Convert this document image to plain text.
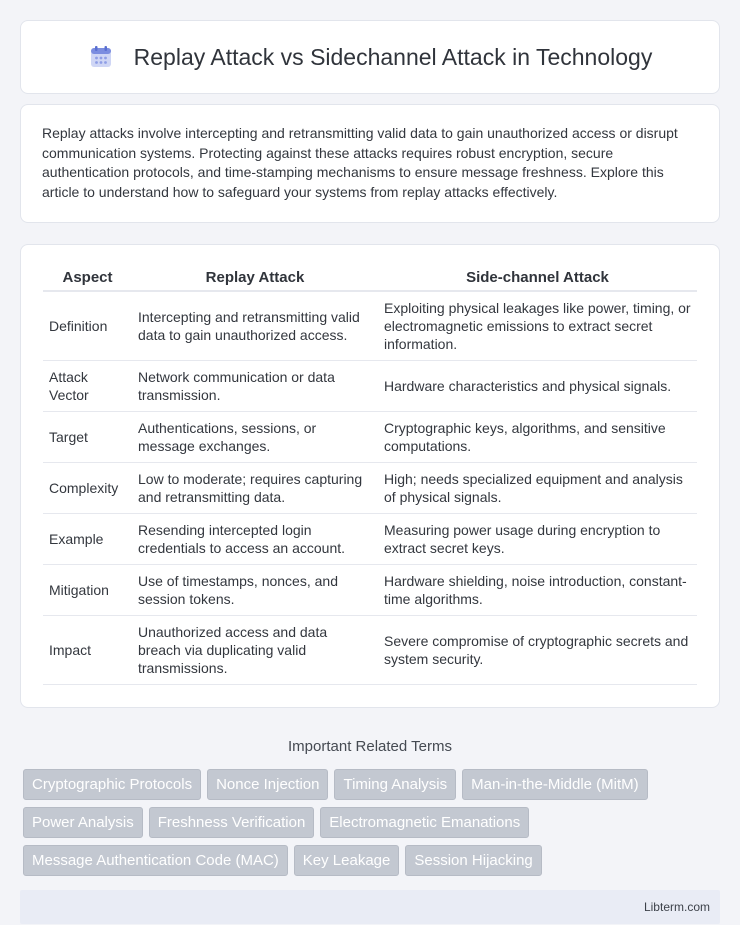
Replay Attack vs Sidechannel Attack in Technology

Replay attacks involve intercepting and retransmitting valid data to gain unauthorized access or disrupt communication systems. Protecting against these attacks requires robust encryption, secure authentication protocols, and time-stamping mechanisms to ensure message freshness. Explore this article to understand how to safeguard your systems from replay attacks effectively.

Aspect	Replay Attack	Side-channel Attack
Definition	Intercepting and retransmitting valid data to gain unauthorized access.	Exploiting physical leakages like power, timing, or electromagnetic emissions to extract secret information.
Attack Vector	Network communication or data transmission.	Hardware characteristics and physical signals.
Target	Authentications, sessions, or message exchanges.	Cryptographic keys, algorithms, and sensitive computations.
Complexity	Low to moderate; requires capturing and retransmitting data.	High; needs specialized equipment and analysis of physical signals.
Example	Resending intercepted login credentials to access an account.	Measuring power usage during encryption to extract secret keys.
Mitigation	Use of timestamps, nonces, and session tokens.	Hardware shielding, noise introduction, constant-time algorithms.
Impact	Unauthorized access and data breach via duplicating valid transmissions.	Severe compromise of cryptographic secrets and system security.
Important Related Terms
Cryptographic Protocols	Nonce Injection	Timing Analysis	Man-in-the-Middle (MitM)
Power Analysis	Freshness Verification	Electromagnetic Emanations
Message Authentication Code (MAC)	Key Leakage	Session Hijacking
Libterm.com
